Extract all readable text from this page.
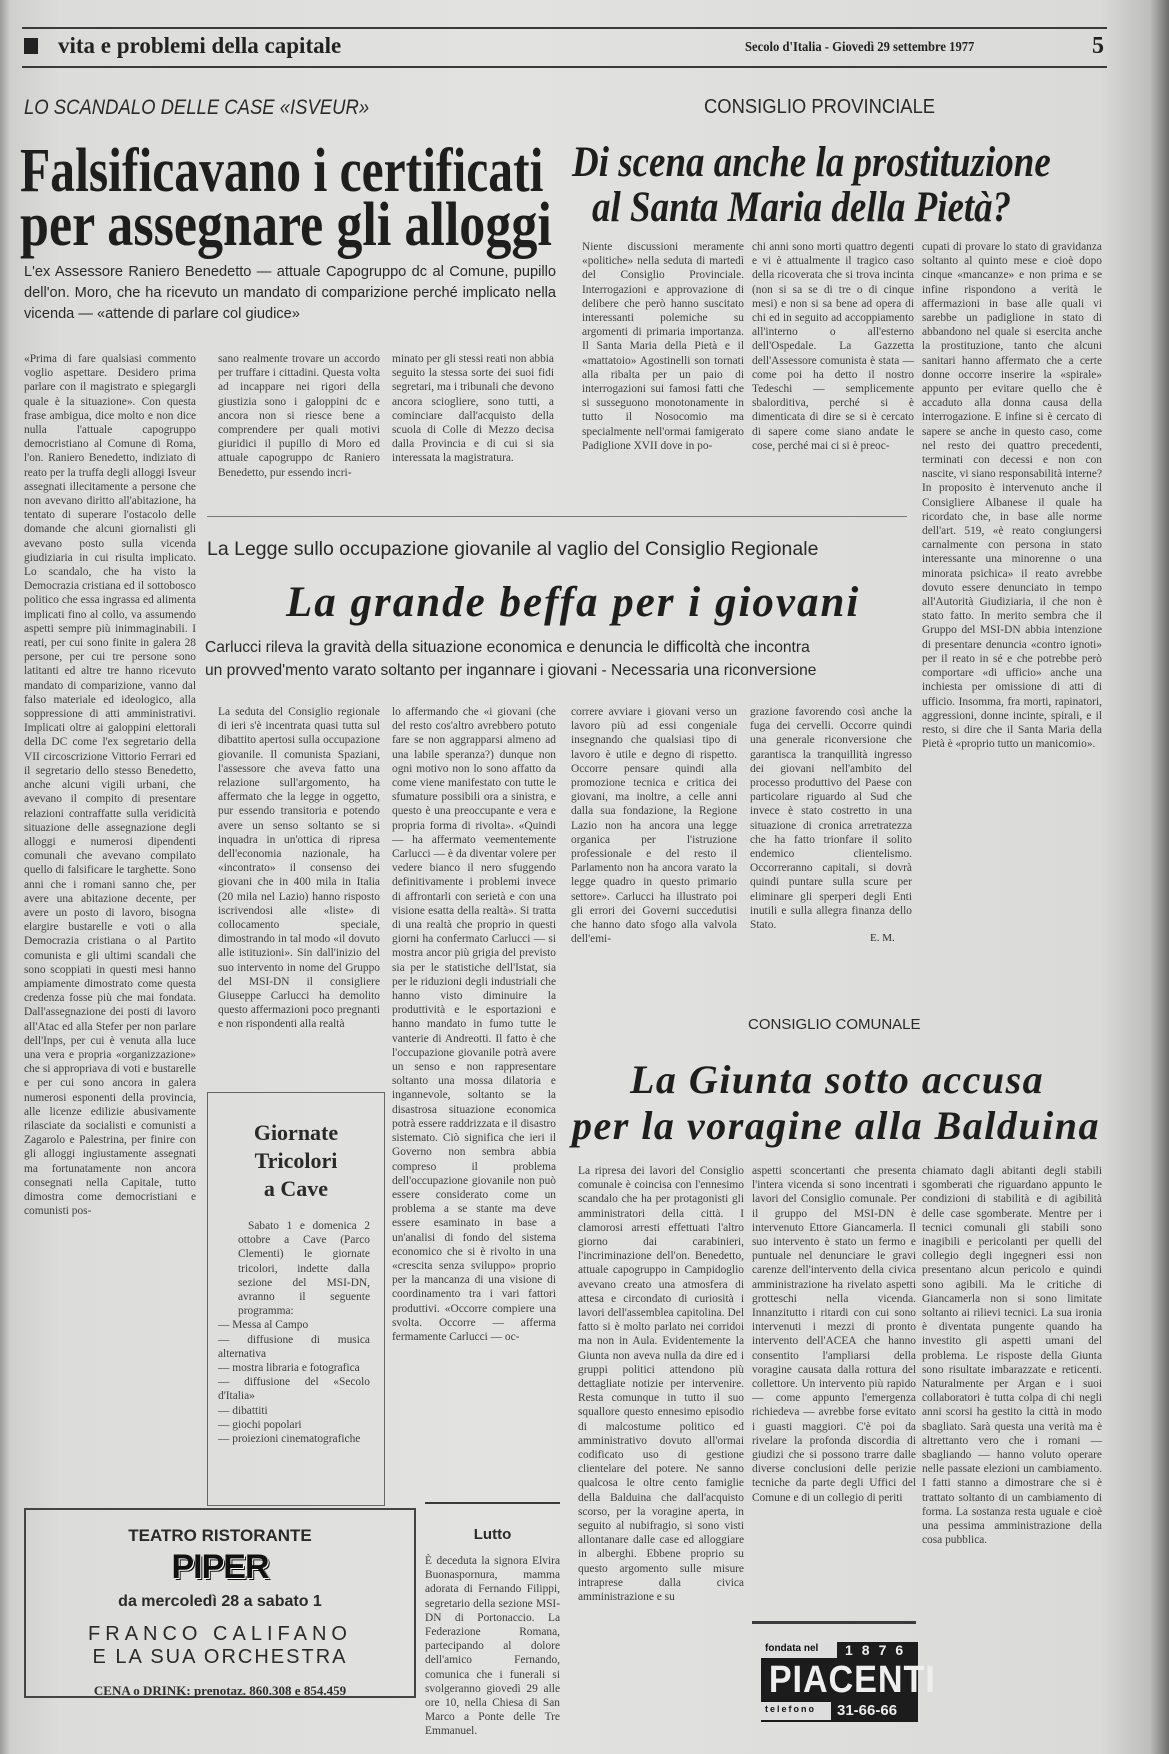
vita e problemi della capitale	Secolo d'Italia - Giovedì 29 settembre 1977	5
LO SCANDALO DELLE CASE «ISVEUR»
Falsificavano i certificati
per assegnare gli alloggi
L'ex Assessore Raniero Benedetto — attuale Capogruppo dc al Comune, pupillo dell'on. Moro, che ha ricevuto un mandato di comparizione perché implicato nella vicenda — «attende di parlare col giudice»
«Prima di fare qualsiasi commento voglio aspettare. Desidero prima parlare con il magistrato e spiegargli quale è la situazione». Con questa frase ambigua, dice molto e non dice nulla l'attuale capogruppo democristiano al Comune di Roma, l'on. Raniero Benedetto, indiziato di reato per la truffa degli alloggi Isveur assegnati illecitamente a persone che non avevano diritto all'abitazione, ha tentato di superare l'ostacolo delle domande che alcuni giornalisti gli avevano posto sulla vicenda giudiziaria in cui risulta implicato. Lo scandalo, che ha visto la Democrazia cristiana ed il sottobosco politico che essa ingrassa ed alimenta implicati fino al collo, va assumendo aspetti sempre più inimmaginabili. I reati, per cui sono finite in galera 28 persone, per cui tre persone sono latitanti ed altre tre hanno ricevuto mandato di comparizione, vanno dal falso materiale ed ideologico, alla soppressione di atti amministrativi. Implicati oltre ai galoppini elettorali della DC come l'ex segretario della VII circoscrizione Vittorio Ferrari ed il segretario dello stesso Benedetto, anche alcuni vigili urbani, che avevano il compito di presentare relazioni contraffatte sulla veridicità situazione delle assegnazione degli alloggi e numerosi dipendenti comunali che avevano compilato quello di falsificare le targhette. Sono anni che i romani sanno che, per avere una abitazione decente, per avere un posto di lavoro, bisogna elargire bustarelle e voti o alla Democrazia cristiana o al Partito comunista e gli ultimi scandali che sono scoppiati in questi mesi hanno ampiamente dimostrato come questa credenza fosse più che mai fondata. Dall'assegnazione dei posti di lavoro all'Atac ed alla Stefer per non parlare dell'Inps, per cui è venuta alla luce una vera e propria «organizzazione» che si appropriava di voti e bustarelle e per cui sono ancora in galera numerosi esponenti della provincia, alle licenze edilizie abusivamente rilasciate da socialisti e comunisti a Zagarolo e Palestrina, per finire con gli alloggi ingiustamente assegnati ma fortunatamente non ancora consegnati nella Capitale, tutto dimostra come democristiani e comunisti pos-
sano realmente trovare un accordo per truffare i cittadini. Questa volta ad incappare nei rigori della giustizia sono i galoppini dc e ancora non si riesce bene a comprendere per quali motivi giuridici il pupillo di Moro ed attuale capogruppo dc Raniero Benedetto, pur essendo incri-
minato per gli stessi reati non abbia seguito la stessa sorte dei suoi fidi segretari, ma i tribunali che devono ancora sciogliere, sono tutti, a cominciare dall'acquisto della scuola di Colle di Mezzo decisa dalla Provincia e di cui si sia interessata la magistratura.
CONSIGLIO PROVINCIALE
Di scena anche la prostituzione
al Santa Maria della Pietà?
Niente discussioni meramente «politiche» nella seduta di martedì del Consiglio Provinciale. Interrogazioni e approvazione di delibere che però hanno suscitato interessanti polemiche su argomenti di primaria importanza. Il Santa Maria della Pietà e il «mattatoio» Agostinelli son tornati alla ribalta per un paio di interrogazioni sui famosi fatti che si susseguono monotonamente in tutto il Nosocomio ma specialmente nell'ormai famigerato Padiglione XVII dove in po-
chi anni sono morti quattro degenti e vi è attualmente il tragico caso della ricoverata che si trova incinta (non si sa se di tre o di cinque mesi) e non si sa bene ad opera di chi ed in seguito ad accoppiamento all'interno o all'esterno dell'Ospedale. La Gazzetta dell'Assessore comunista è stata — come poi ha detto il nostro Tedeschi — semplicemente sbalorditiva, perché si è dimenticata di dire se si è cercato di sapere come siano andate le cose, perché mai ci si è preoc-
cupati di provare lo stato di gravidanza soltanto al quinto mese e cioè dopo cinque «mancanze» e non prima e se infine rispondono a verità le affermazioni in base alle quali vi sarebbe un padiglione in stato di abbandono nel quale si esercita anche la prostituzione, tanto che alcuni sanitari hanno affermato che a certe donne occorre inserire la «spirale» appunto per evitare quello che è accaduto alla donna causa della interrogazione. E infine si è cercato di sapere se anche in questo caso, come nel resto dei quattro precedenti, terminati con decessi e non con nascite, vi siano responsabilità interne? In proposito è intervenuto anche il Consigliere Albanese il quale ha ricordato che, in base alle norme dell'art. 519, «è reato congiungersi carnalmente con persona in stato interessante una minorenne o una minorata psichica» il reato avrebbe dovuto essere denunciato in tempo all'Autorità Giudiziaria, il che non è stato fatto. In merito sembra che il Gruppo del MSI-DN abbia intenzione di presentare denuncia «contro ignoti» per il reato in sé e che potrebbe però comportare «di ufficio» anche una inchiesta per omissione di atti di ufficio. Insomma, fra morti, rapinatori, aggressioni, donne incinte, spirali, e il resto, si dire che il Santa Maria della Pietà è «proprio tutto un manicomio».
La Legge sullo occupazione giovanile al vaglio del Consiglio Regionale
La grande beffa per i giovani
Carlucci rileva la gravità della situazione economica e denuncia le difficoltà che incontra
un provved'mento varato soltanto per ingannare i giovani - Necessaria una riconversione
La seduta del Consiglio regionale di ieri s'è incentrata quasi tutta sul dibattito apertosi sulla occupazione giovanile. Il comunista Spaziani, l'assessore che aveva fatto una relazione sull'argomento, ha affermato che la legge in oggetto, pur essendo transitoria e potendo avere un senso soltanto se si inquadra in un'ottica di ripresa dell'economia nazionale, ha «incontrato» il consenso dei giovani che in 400 mila in Italia (20 mila nel Lazio) hanno risposto iscrivendosi alle «liste» di collocamento speciale, dimostrando in tal modo «il dovuto alle istituzioni». Sin dall'inizio del suo intervento in nome del Gruppo del MSI-DN il consigliere Giuseppe Carlucci ha demolito questo affermazioni poco pregnanti e non rispondenti alla realtà
lo affermando che «i giovani (che del resto cos'altro avrebbero potuto fare se non aggrapparsi almeno ad una labile speranza?) dunque non ogni motivo non lo sono affatto da come viene manifestato con tutte le sfumature possibili ora a sinistra, e questo è una preoccupante e vera e propria forma di rivolta». «Quindi — ha affermato veementemente Carlucci — è da diventar volere per vedere bianco il nero sfuggendo definitivamente i problemi invece di affrontarli con serietà e con una visione esatta della realtà». Si tratta di una realtà che proprio in questi giorni ha confermato Carlucci — si mostra ancor più grigia del previsto sia per le statistiche dell'Istat, sia per le riduzioni degli industriali che hanno visto diminuire la produttività e le esportazioni e hanno mandato in fumo tutte le vanterie di Andreotti. Il fatto è che l'occupazione giovanile potrà avere un senso e non rappresentare soltanto una mossa dilatoria e ingannevole, soltanto se la disastrosa situazione economica potrà essere raddrizzata e il disastro sistemato. Ciò significa che ieri il Governo non sembra abbia compreso il problema dell'occupazione giovanile non può essere considerato come un problema a se stante ma deve essere esaminato in base a un'analisi di fondo del sistema economico che si è rivolto in una «crescita senza sviluppo» proprio per la mancanza di una visione di coordinamento tra i vari fattori produttivi. «Occorre compiere una svolta. Occorre — afferma fermamente Carlucci — oc-
correre avviare i giovani verso un lavoro più ad essi congeniale insegnando che qualsiasi tipo di lavoro è utile e degno di rispetto. Occorre pensare quindi alla promozione tecnica e critica dei giovani, ma inoltre, a celle anni dalla sua fondazione, la Regione Lazio non ha ancora una legge organica per l'istruzione professionale e del resto il Parlamento non ha ancora varato la legge quadro in questo primario settore». Carlucci ha illustrato poi gli errori dei Governi succedutisi che hanno dato sfogo alla valvola dell'emi-
grazione favorendo così anche la fuga dei cervelli. Occorre quindi una generale riconversione che garantisca la tranquillità ingresso dei giovani nell'ambito del processo produttivo del Paese con particolare riguardo al Sud che invece è stato costretto in una situazione di cronica arretratezza che ha fatto trionfare il solito endemico clientelismo. Occorreranno capitali, si dovrà quindi puntare sulla scure per eliminare gli sperperi degli Enti inutili e sulla allegra finanza dello Stato.
E. M.
Giornate
Tricolori
a Cave
Sabato 1 e domenica 2 ottobre a Cave (Parco Clementi) le giornate tricolori, indette dalla sezione del MSI-DN, avranno il seguente programma:
— Messa al Campo
— diffusione di musica alternativa
— mostra libraria e fotografica
— diffusione del «Secolo d'Italia»
— dibattiti
— giochi popolari
— proiezioni cinematografiche
TEATRO RISTORANTE
PIPER
da mercoledì 28 a sabato 1
FRANCO CALIFANO
E LA SUA ORCHESTRA
CENA o DRINK: prenotaz. 860.308 e 854.459
Lutto
È deceduta la signora Elvira Buonaspornura, mamma adorata di Fernando Filippi, segretario della sezione MSI-DN di Portonaccio. La Federazione Romana, partecipando al dolore dell'amico Fernando, comunica che i funerali si svolgeranno giovedì 29 alle ore 10, nella Chiesa di San Marco a Ponte delle Tre Emmanuel.
CONSIGLIO COMUNALE
La Giunta sotto accusa
per la voragine alla Balduina
La ripresa dei lavori del Consiglio comunale è coincisa con l'ennesimo scandalo che ha per protagonisti gli amministratori della città. I clamorosi arresti effettuati l'altro giorno dai carabinieri, l'incriminazione dell'on. Benedetto, attuale capogruppo in Campidoglio avevano creato una atmosfera di attesa e circondato di curiosità i lavori dell'assemblea capitolina. Del fatto si è molto parlato nei corridoi ma non in Aula. Evidentemente la Giunta non aveva nulla da dire ed i gruppi politici attendono più dettagliate notizie per intervenire. Resta comunque in tutto il suo squallore questo ennesimo episodio di malcostume politico ed amministrativo dovuto all'ormai codificato uso di gestione clientelare del potere. Ne sanno qualcosa le oltre cento famiglie della Balduina che dall'acquisto scorso, per la voragine aperta, in seguito al nubifragio, si sono visti allontanare dalle case ed alloggiare in alberghi. Ebbene proprio su questo argomento sulle misure intraprese dalla civica amministrazione e su
aspetti sconcertanti che presenta l'intera vicenda si sono incentrati i lavori del Consiglio comunale. Per il gruppo del MSI-DN è intervenuto Ettore Giancamerla. Il suo intervento è stato un fermo e puntuale nel denunciare le gravi carenze dell'intervento della civica amministrazione ha rivelato aspetti grotteschi nella vicenda. Innanzitutto i ritardi con cui sono intervenuti i mezzi di pronto intervento dell'ACEA che hanno consentito l'ampliarsi della voragine causata dalla rottura del collettore. Un intervento più rapido — come appunto l'emergenza richiedeva — avrebbe forse evitato i guasti maggiori. C'è poi da rivelare la profonda discordia di giudizi che si possono trarre dalle diverse conclusioni delle perizie tecniche da parte degli Uffici del Comune e di un collegio di periti
chiamato dagli abitanti degli stabili sgomberati che riguardano appunto le condizioni di stabilità e di agibilità delle case sgomberate. Mentre per i tecnici comunali gli stabili sono inagibili e pericolanti per quelli del collegio degli ingegneri essi non presentano alcun pericolo e quindi sono agibili. Ma le critiche di Giancamerla non si sono limitate soltanto ai rilievi tecnici. La sua ironia è diventata pungente quando ha investito gli aspetti umani del problema. Le risposte della Giunta sono risultate imbarazzate e reticenti. Naturalmente per Argan e i suoi collaboratori è tutta colpa di chi negli anni scorsi ha gestito la città in modo sbagliato. Sarà questa una verità ma è altrettanto vero che i romani — sbagliando — hanno voluto operare nelle passate elezioni un cambiamento. I fatti stanno a dimostrare che si è trattato soltanto di un cambiamento di forma. La sostanza resta uguale e cioè una pessima amministrazione della cosa pubblica.
fondata nel	1876
PIACENTI
telefono	31-66-66
